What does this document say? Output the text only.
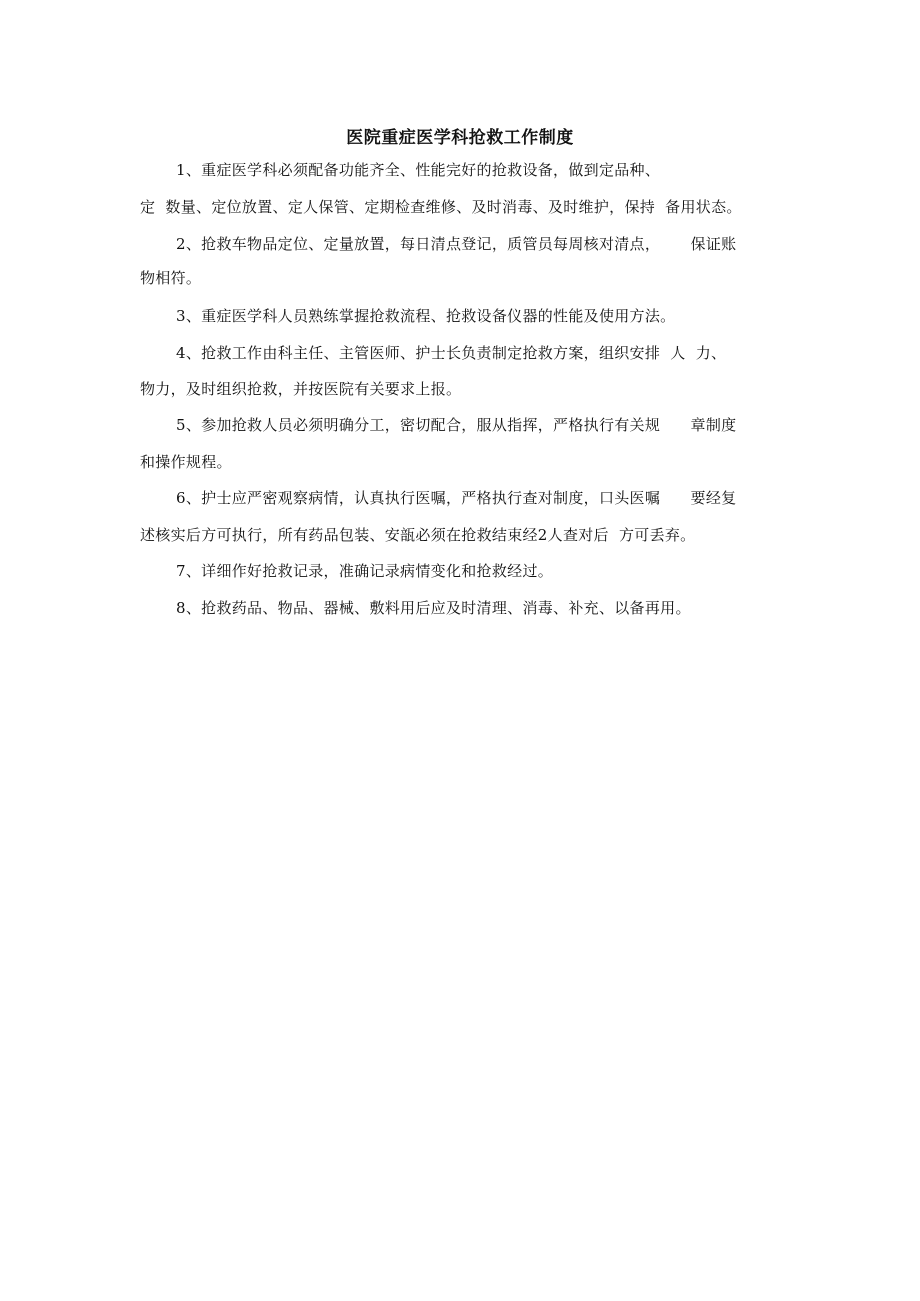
医院重症医学科抢救工作制度
1、重症医学科必须配备功能齐全、性能完好的抢救设备，做到定品种、
定  数量、定位放置、定人保管、定期检查维修、及时消毒、及时维护，保持  备用状态。
2、抢救车物品定位、定量放置，每日清点登记，质管员每周核对清点，      保证账
物相符。
3、重症医学科人员熟练掌握抢救流程、抢救设备仪器的性能及使用方法。
4、抢救工作由科主任、主管医师、护士长负责制定抢救方案，组织安排  人  力、
物力，及时组织抢救，并按医院有关要求上报。
5、参加抢救人员必须明确分工，密切配合，服从指挥，严格执行有关规      章制度
和操作规程。
6、护士应严密观察病情，认真执行医嘱，严格执行查对制度，口头医嘱      要经复
述核实后方可执行，所有药品包装、安瓿必须在抢救结束经2人查对后  方可丢弃。
7、详细作好抢救记录，准确记录病情变化和抢救经过。
8、抢救药品、物品、器械、敷料用后应及时清理、消毒、补充、以备再用。
